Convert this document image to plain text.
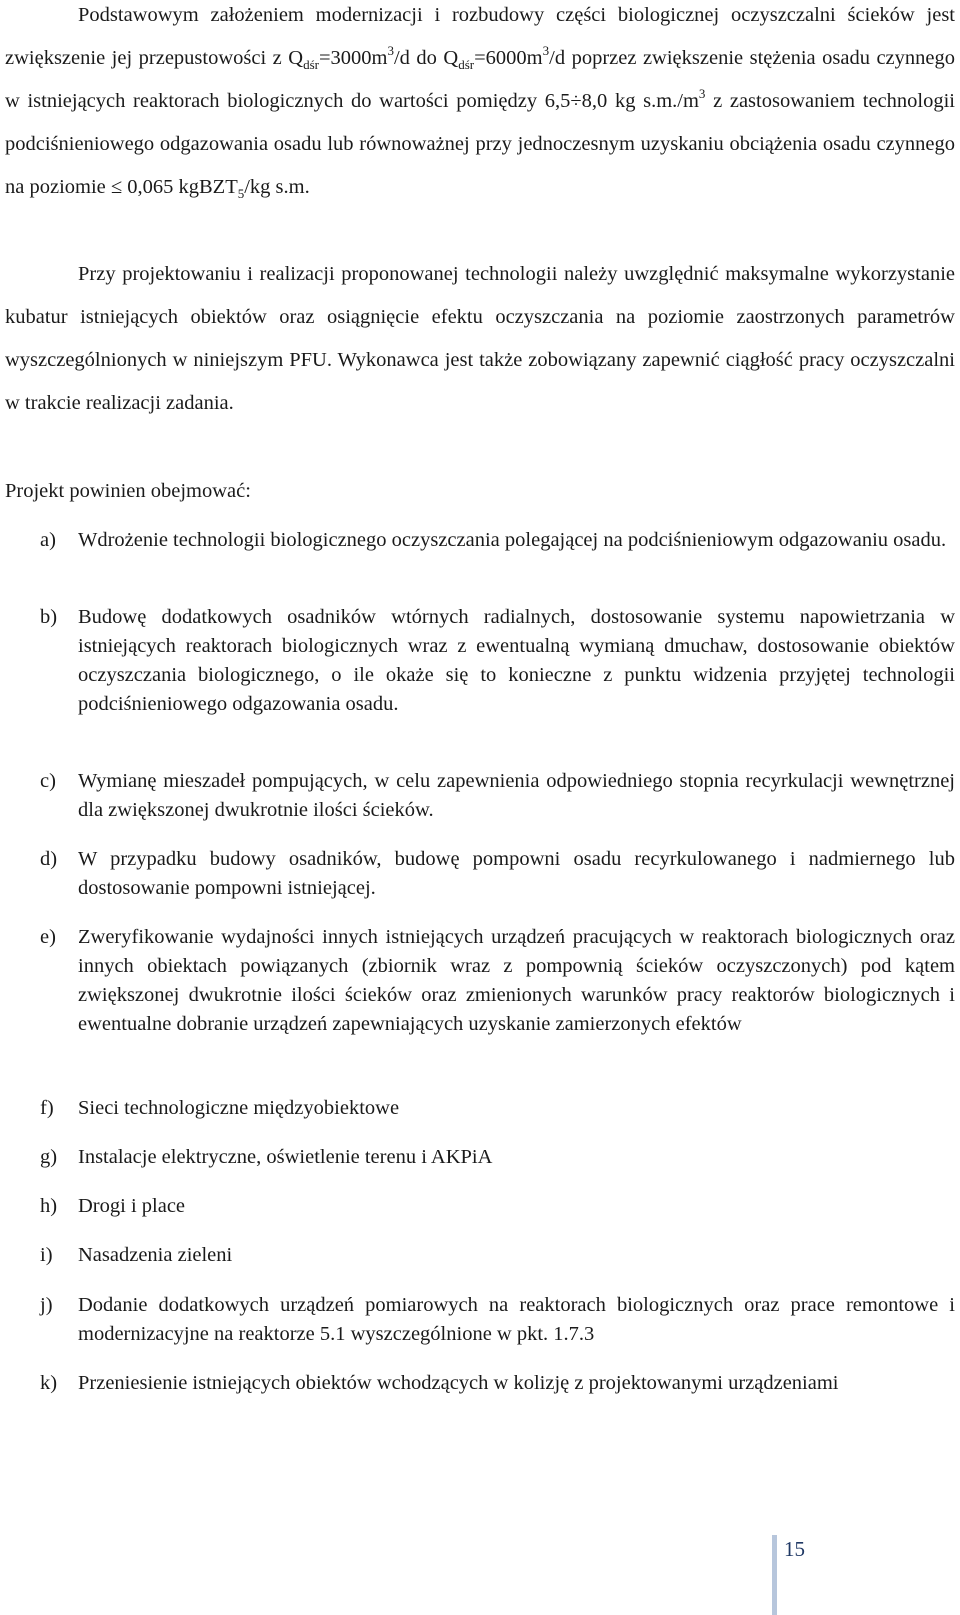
Podstawowym założeniem modernizacji i rozbudowy części biologicznej oczyszczalni ścieków jest zwiększenie jej przepustowości z $Q_{dśr}=3000m^3/d$ do $Q_{dśr}=6000m^3/d$ poprzez zwiększenie stężenia osadu czynnego w istniejących reaktorach biologicznych do wartości pomiędzy 6,5÷8,0 kg $s.m./m^3$ z zastosowaniem technologii podciśnieniowego odgazowania osadu lub równoważnej przy jednoczesnym uzyskaniu obciążenia osadu czynnego na poziomie ≤ 0,065 kgBZT$_5$/kg s.m.

Przy projektowaniu i realizacji proponowanej technologii należy uwzględnić maksymalne wykorzystanie kubatur istniejących obiektów oraz osiągnięcie efektu oczyszczania na poziomie zaostrzonych parametrów wyszczególnionych w niniejszym PFU. Wykonawca jest także zobowiązany zapewnić ciągłość pracy oczyszczalni w trakcie realizacji zadania.

Projekt powinien obejmować:

a)	Wdrożenie technologii biologicznego oczyszczania polegającej na podciśnieniowym odgazowaniu osadu.
b)	Budowę dodatkowych osadników wtórnych radialnych, dostosowanie systemu napowietrzania w istniejących reaktorach biologicznych wraz z ewentualną wymianą dmuchaw, dostosowanie obiektów oczyszczania biologicznego, o ile okaże się to konieczne z punktu widzenia przyjętej technologii podciśnieniowego odgazowania osadu.
c)	Wymianę mieszadeł pompujących, w celu zapewnienia odpowiedniego stopnia recyrkulacji wewnętrznej dla zwiększonej dwukrotnie ilości ścieków.
d)	W przypadku budowy osadników, budowę pompowni osadu recyrkulowanego i nadmiernego lub dostosowanie pompowni istniejącej.
e)	Zweryfikowanie wydajności innych istniejących urządzeń pracujących w reaktorach biologicznych oraz innych obiektach powiązanych (zbiornik wraz z pompownią ścieków oczyszczonych) pod kątem zwiększonej dwukrotnie ilości ścieków oraz zmienionych warunków pracy reaktorów biologicznych i ewentualne dobranie urządzeń zapewniających uzyskanie zamierzonych efektów
f)	Sieci technologiczne międzyobiektowe
g)	Instalacje elektryczne, oświetlenie terenu i AKPiA
h)	Drogi i place
i)	Nasadzenia zieleni
j)	Dodanie dodatkowych urządzeń pomiarowych na reaktorach biologicznych oraz prace remontowe i modernizacyjne na reaktorze 5.1 wyszczególnione w pkt. 1.7.3
k)	Przeniesienie istniejących obiektów wchodzących w kolizję z projektowanymi urządzeniami
15
